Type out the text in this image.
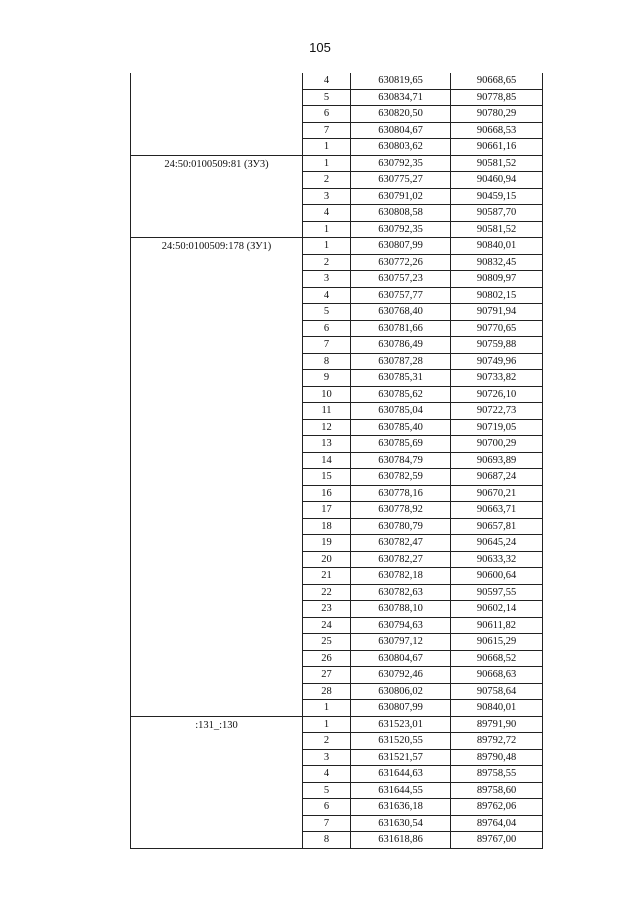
105
	4	630819,65	90668,65
	5	630834,71	90778,85
	6	630820,50	90780,29
	7	630804,67	90668,53
	1	630803,62	90661,16
24:50:0100509:81 (ЗУ3)	1	630792,35	90581,52
	2	630775,27	90460,94
	3	630791,02	90459,15
	4	630808,58	90587,70
	1	630792,35	90581,52
24:50:0100509:178 (ЗУ1)	1	630807,99	90840,01
	2	630772,26	90832,45
	3	630757,23	90809,97
	4	630757,77	90802,15
	5	630768,40	90791,94
	6	630781,66	90770,65
	7	630786,49	90759,88
	8	630787,28	90749,96
	9	630785,31	90733,82
	10	630785,62	90726,10
	11	630785,04	90722,73
	12	630785,40	90719,05
	13	630785,69	90700,29
	14	630784,79	90693,89
	15	630782,59	90687,24
	16	630778,16	90670,21
	17	630778,92	90663,71
	18	630780,79	90657,81
	19	630782,47	90645,24
	20	630782,27	90633,32
	21	630782,18	90600,64
	22	630782,63	90597,55
	23	630788,10	90602,14
	24	630794,63	90611,82
	25	630797,12	90615,29
	26	630804,67	90668,52
	27	630792,46	90668,63
	28	630806,02	90758,64
	1	630807,99	90840,01
:131_:130	1	631523,01	89791,90
	2	631520,55	89792,72
	3	631521,57	89790,48
	4	631644,63	89758,55
	5	631644,55	89758,60
	6	631636,18	89762,06
	7	631630,54	89764,04
	8	631618,86	89767,00
